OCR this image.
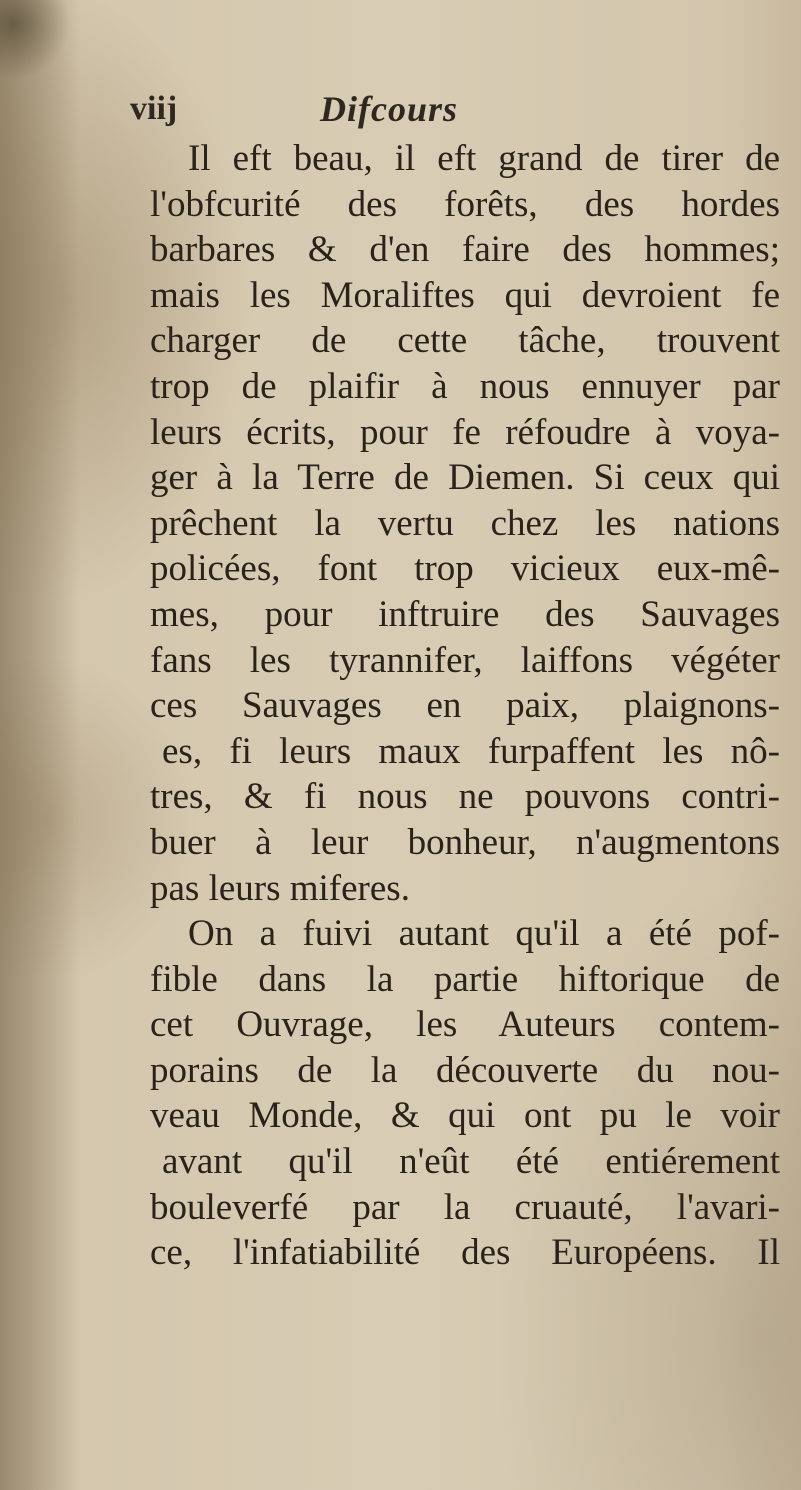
viij	Difcours
Il eft beau, il eft grand de tirer de
l'obfcurité des forêts, des hordes
barbares & d'en faire des hommes;
mais les Moraliftes qui devroient fe
charger de cette tâche, trouvent
trop de plaifir à nous ennuyer par
leurs écrits, pour fe réfoudre à voya-
ger à la Terre de Diemen. Si ceux qui
prêchent la vertu chez les nations
policées, font trop vicieux eux-mê-
mes, pour inftruire des Sauvages
fans les tyrannifer, laiffons végéter
ces Sauvages en paix, plaignons-
es, fi leurs maux furpaffent les nô-
tres, & fi nous ne pouvons contri-
buer à leur bonheur, n'augmentons
pas leurs miferes.
On a fuivi autant qu'il a été pof-
fible dans la partie hiftorique de
cet Ouvrage, les Auteurs contem-
porains de la découverte du nou-
veau Monde, & qui ont pu le voir
avant qu'il n'eût été entiérement
bouleverfé par la cruauté, l'avari-
ce, l'infatiabilité des Européens. Il
